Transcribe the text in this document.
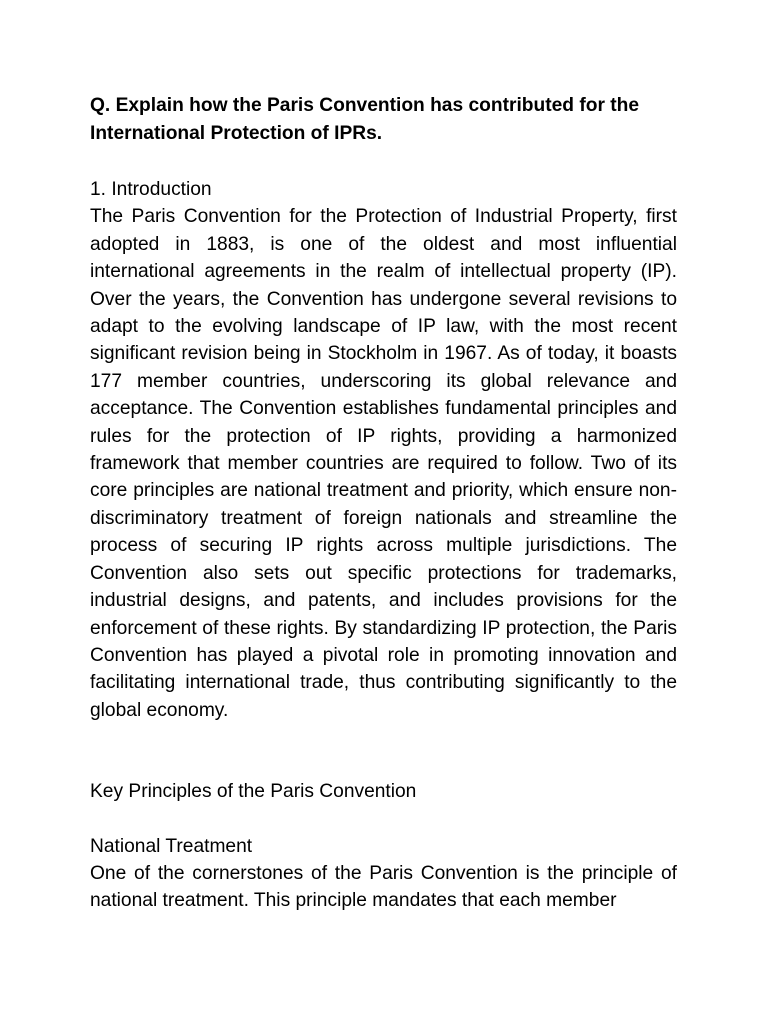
Q. Explain how the Paris Convention has contributed for the International Protection of IPRs.

1. Introduction

The Paris Convention for the Protection of Industrial Property, first adopted in 1883, is one of the oldest and most influential international agreements in the realm of intellectual property (IP). Over the years, the Convention has undergone several revisions to adapt to the evolving landscape of IP law, with the most recent significant revision being in Stockholm in 1967. As of today, it boasts 177 member countries, underscoring its global relevance and acceptance. The Convention establishes fundamental principles and rules for the protection of IP rights, providing a harmonized framework that member countries are required to follow. Two of its core principles are national treatment and priority, which ensure non-discriminatory treatment of foreign nationals and streamline the process of securing IP rights across multiple jurisdictions. The Convention also sets out specific protections for trademarks, industrial designs, and patents, and includes provisions for the enforcement of these rights. By standardizing IP protection, the Paris Convention has played a pivotal role in promoting innovation and facilitating international trade, thus contributing significantly to the global economy.

Key Principles of the Paris Convention

National Treatment

One of the cornerstones of the Paris Convention is the principle of national treatment. This principle mandates that each member
